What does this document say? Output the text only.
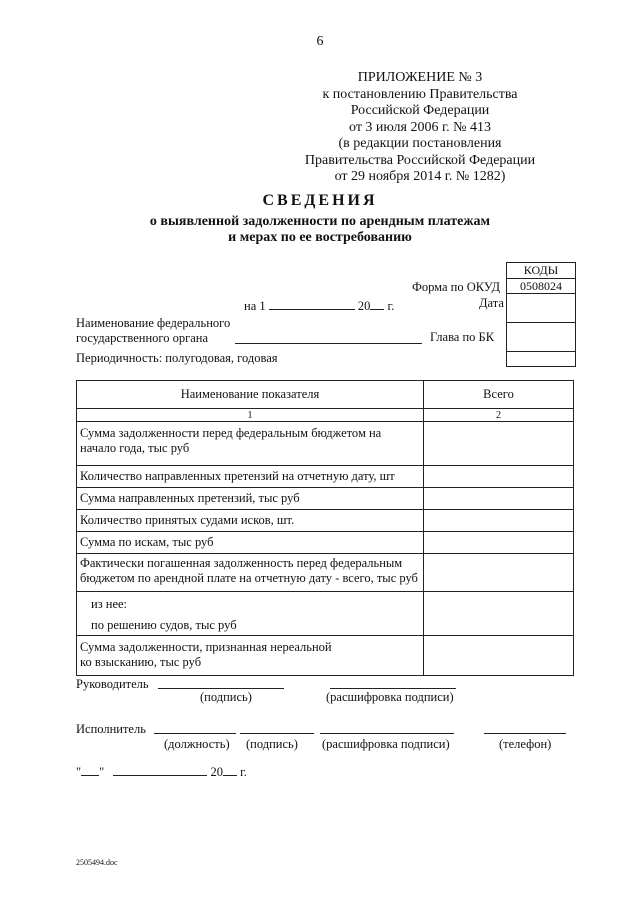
6
ПРИЛОЖЕНИЕ № 3
к постановлению Правительства
Российской Федерации
от 3 июля 2006 г. № 413
(в редакции постановления
Правительства Российской Федерации
от 29 ноября 2014 г. № 1282)
СВЕДЕНИЯ
о выявленной задолженности по арендным платежам
и мерах по ее востребованию
КОДЫ
0508024
Форма по ОКУД
Дата
Глава по БК
на 1	20 г.
Наименование федерального
государственного органа
Периодичность: полугодовая, годовая
Наименование показателя	Всего
1	2

Сумма задолженности перед федеральным бюджетом на
начало года, тыс руб	

Количество направленных претензий на отчетную дату, шт	
Сумма направленных претензий, тыс руб	
Количество принятых судами исков, шт.	
Сумма по искам, тыс руб	

Фактически погашенная задолженность перед федеральным
бюджетом по арендной плате на отчетную дату - всего, тыс руб	

из нее:
по решению судов, тыс руб	

Сумма задолженности, признанная нереальной
ко взысканию, тыс руб	

Руководитель
(подпись)	(расшифровка подписи)
Исполнитель
(должность) (подпись) (расшифровка подписи)	(телефон)
" "	20 г.
2505494.doc
